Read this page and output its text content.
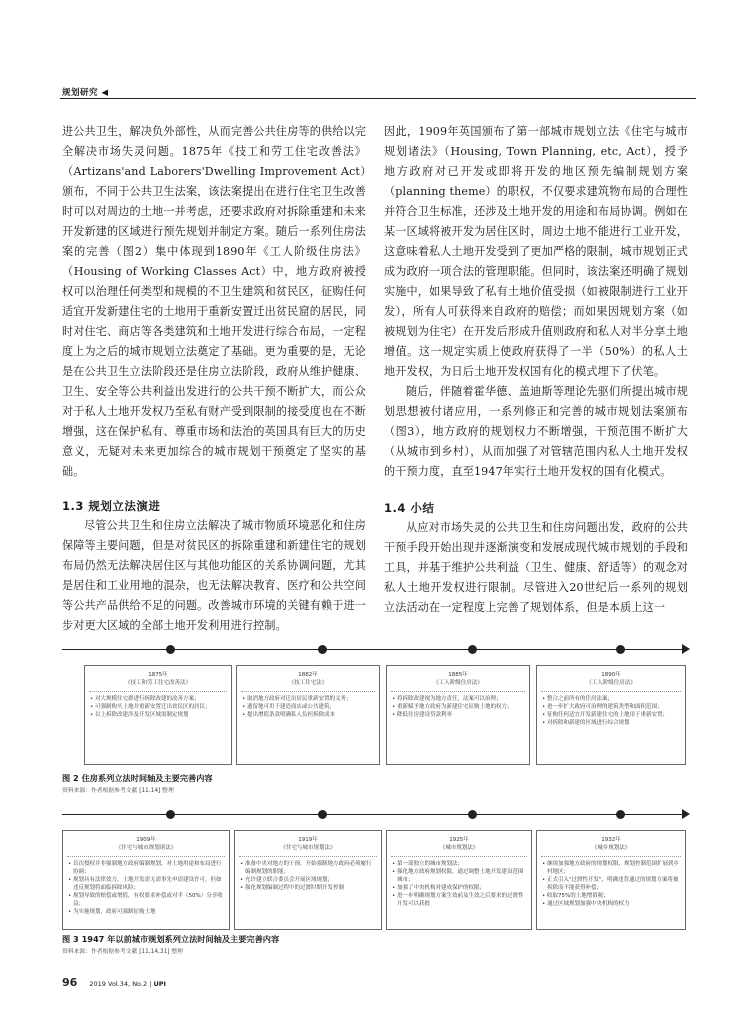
规划研究 ◀

进公共卫生，解决负外部性，从而完善公共住房等的供给以完全解决市场失灵问题。1875年《技工和劳工住宅改善法》（Artizans'and Laborers'Dwelling Improvement Act）颁布，不同于公共卫生法案，该法案提出在进行住宅卫生改善时可以对周边的土地一并考虑，还要求政府对拆除重建和未来开发新建的区域进行预先规划并制定方案。随后一系列住房法案的完善（图2）集中体现到1890年《工人阶级住房法》（Housing of Working Classes Act）中，地方政府被授权可以治理任何类型和规模的不卫生建筑和贫民区，征购任何适宜开发新建住宅的土地用于重新安置迁出贫民窟的居民，同时对住宅、商店等各类建筑和土地开发进行综合布局，一定程度上为之后的城市规划立法奠定了基础。更为重要的是，无论是在公共卫生立法阶段还是住房立法阶段，政府从维护健康、卫生、安全等公共利益出发进行的公共干预不断扩大，而公众对于私人土地开发权乃至私有财产受到限制的接受度也在不断增强，这在保护私有、尊重市场和法治的英国具有巨大的历史意义，无疑对未来更加综合的城市规划干预奠定了坚实的基础。

1.3 规划立法演进

尽管公共卫生和住房立法解决了城市物质环境恶化和住房保障等主要问题，但是对贫民区的拆除重建和新建住宅的规划布局仍然无法解决居住区与其他功能区的关系协调问题，尤其是居住和工业用地的混杂，也无法解决教育、医疗和公共空间等公共产品供给不足的问题。改善城市环境的关键有赖于进一步对更大区域的全部土地开发利用进行控制。

因此，1909年英国颁布了第一部城市规划立法《住宅与城市规划诸法》（Housing, Town Planning, etc, Act），授予地方政府对已开发或即将开发的地区预先编制规划方案（planning theme）的职权，不仅要求建筑物布局的合理性并符合卫生标准，还涉及土地开发的用途和布局协调。例如在某一区域将被开发为居住区时，周边土地不能进行工业开发，这意味着私人土地开发受到了更加严格的限制，城市规划正式成为政府一项合法的管理职能。但同时，该法案还明确了规划实施中，如果导致了私有土地价值受损（如被限制进行工业开发），所有人可获得来自政府的赔偿；而如果因规划方案（如被规划为住宅）在开发后形成升值则政府和私人对半分享土地增值。这一规定实质上使政府获得了一半（50%）的私人土地开发权，为日后土地开发权国有化的模式埋下了伏笔。

随后，伴随着霍华德、盖迪斯等理论先驱们所提出城市规划思想被付诸应用，一系列修正和完善的城市规划法案颁布（图3），地方政府的规划权力不断增强，干预范围不断扩大（从城市到乡村），从而加强了对管辖范围内私人土地开发权的干预力度，直至1947年实行土地开发权的国有化模式。

1.4 小结

从应对市场失灵的公共卫生和住房问题出发，政府的公共干预手段开始出现并逐渐演变和发展成现代城市规划的手段和工具，并基于维护公共利益（卫生、健康、舒适等）的观念对私人土地开发权进行限制。尽管进入20世纪后一系列的规划立法活动在一定程度上完善了规划体系，但是本质上这一

1875年
《技工和劳工住宅改善法》
• 对大规模住宅群进行拆除改建的改善方案；
• 可强制购买土地并重新安置迁出贫民区的居民；
• 以上拆除改建涉及开发区域需制定规划
1882年
《技工住宅法》
• 取消地方政府对迁出居民重新安置的义务；
• 遗留地可用于建造商店或公共建筑；
• 提出增值条款明确私人负担拆除成本
1885年
《工人阶级住房法》
• 将拆除改建视为地方责任，法案可以治理；
• 重新赋予地方政府为新建住宅征购土地的权力；
• 降低住房建设贷款利率
1890年
《工人阶级住房法》
• 整合之前所有的住房法案；
• 进一步扩大政府可治理的建筑类型和面积范围；
• 征购任何适宜开发新建住宅的土地用于重新安置；
• 对拆除和新建的区域进行综合规划
图 2 住房系列立法时间轴及主要完善内容
资料来源：作者根据参考文献 [11,14] 整理
1909年
《住宅与城市规划诸法》
• 首次授权并非强制地方政府编制规划，对土地用途和布局进行协调；
• 规划具有法律效力，土地开发需无需事先申请建设许可，但如违反规划将面临拆除风险；
• 规划导致的赔偿或增值，有权要求补偿或对半（50%）分享收益；
• 为实施规划，政府可强制征购土地
1919年
《住宅与城市规划法》
• 准备中央对地方的干预，开始强制地方政府必须履行编制规划的职能；
• 允许建立联合委员会开展区域规划；
• 强化规划编制过程中的过渡时期开发控制
1925年
《城市规划法》
• 第一部独立的城市规划法；
• 强化地方政府规划权限，通过调整土地开发建设范围城市；
• 加强了中央机构对建成保护的权限；
• 进一步明确规划方案生效前及生效之后要求的过渡性开发可以获批
1932年
《城乡规划法》
• 继续加强地方政府的规划权限，规划控制范围扩展到乡村地区；
• 正式引入"过渡性开发"，明确违背通过的规划方案将被拆除而不能获得补偿；
• 收取75%的土地增值税；
• 通过区域规划加强中央机构的权力
图 3 1947 年以前城市规划系列立法时间轴及主要完善内容
资料来源：作者根据参考文献 [11,14,31] 整理
96 2019 Vol.34, No.2 | UPI
